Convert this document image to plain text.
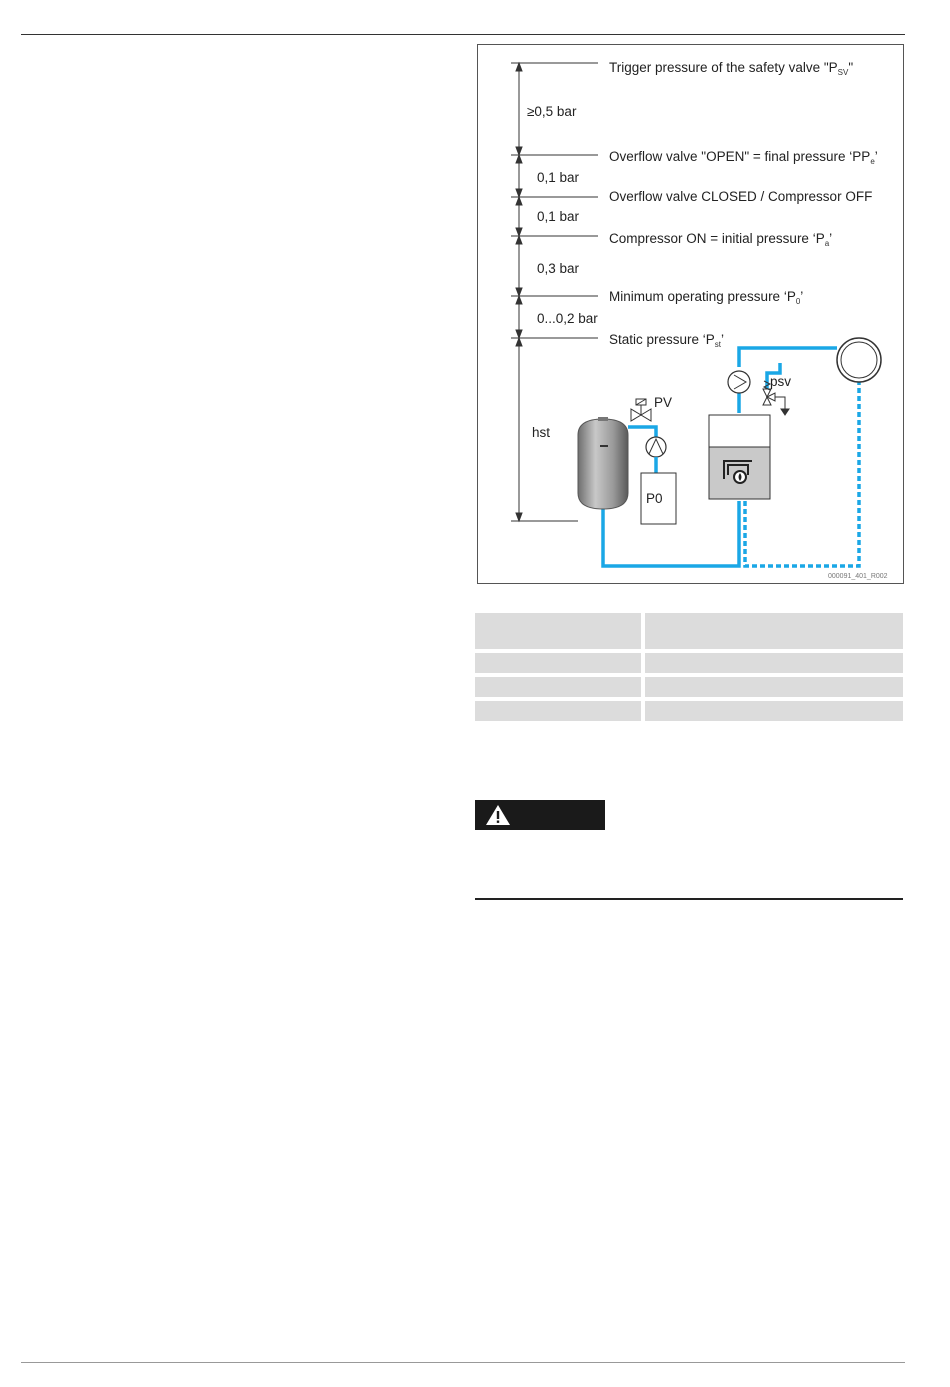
≥0,5 bar
0,1 bar
0,1 bar
0,3 bar
0...0,2 bar
hst
Trigger pressure of the safety valve "$P_{SV}$"
Overflow valve "OPEN" = final pressure ‘$PP_e$’
Overflow valve CLOSED / Compressor OFF
Compressor ON = initial pressure ‘$P_a$’
Minimum operating pressure ‘$P_0$’
Static pressure ‘$P_{st}$’
PV
P0
psv
000091_401_R002
